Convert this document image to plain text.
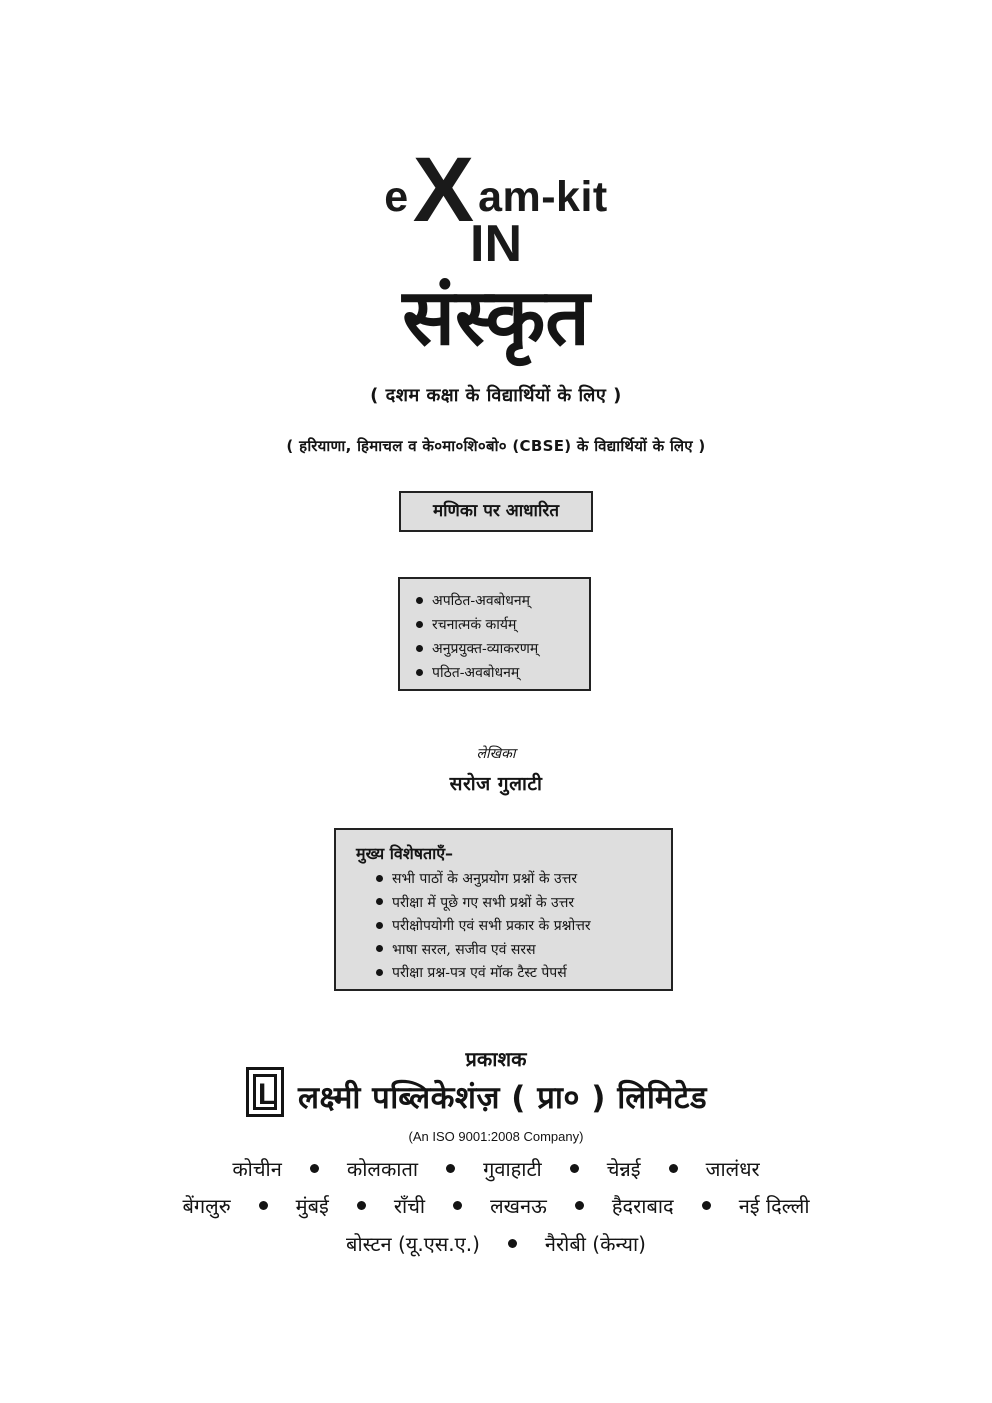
eXam-kit
IN
संस्कृत
( दशम कक्षा के विद्यार्थियों के लिए )
( हरियाणा, हिमाचल व के०मा०शि०बो० (CBSE) के विद्यार्थियों के लिए )
मणिका पर आधारित
अपठित-अवबोधनम्
रचनात्मकं कार्यम्
अनुप्रयुक्त-व्याकरणम्
पठित-अवबोधनम्
लेखिका
सरोज गुलाटी
मुख्य विशेषताएँ–
सभी पाठों के अनुप्रयोग प्रश्नों के उत्तर
परीक्षा में पूछे गए सभी प्रश्नों के उत्तर
परीक्षोपयोगी एवं सभी प्रकार के प्रश्नोत्तर
भाषा सरल, सजीव एवं सरस
परीक्षा प्रश्न-पत्र एवं मॉक टैस्ट पेपर्स
प्रकाशक
L लक्ष्मी पब्लिकेशंज़ ( प्रा० ) लिमिटेड
(An ISO 9001:2008 Company)
कोचीन	कोलकाता	गुवाहाटी	चेन्नई	जालंधर
बेंगलुरु	मुंबई	राँची	लखनऊ	हैदराबाद	नई दिल्ली
बोस्टन (यू.एस.ए.)	नैरोबी (केन्या)
